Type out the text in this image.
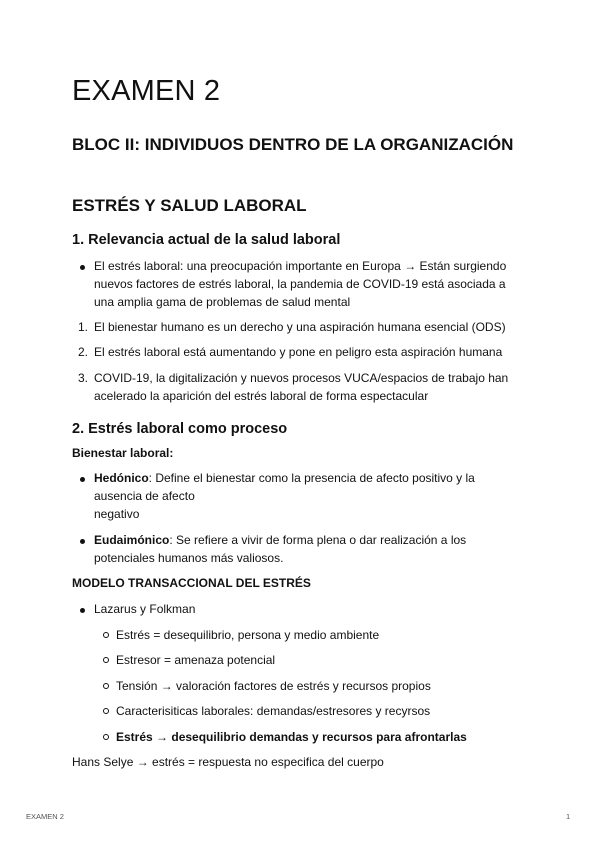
EXAMEN 2
BLOC II: INDIVIDUOS DENTRO DE LA ORGANIZACIÓN
ESTRÉS Y SALUD LABORAL
1. Relevancia actual de la salud laboral
El estrés laboral: una preocupación importante en Europa → Están surgiendo
nuevos factores de estrés laboral, la pandemia de COVID-19 está asociada a
una amplia gama de problemas de salud mental
1. El bienestar humano es un derecho y una aspiración humana esencial (ODS)
2. El estrés laboral está aumentando y pone en peligro esta aspiración humana
3. COVID-19, la digitalización y nuevos procesos VUCA/espacios de trabajo han
acelerado la aparición del estrés laboral de forma espectacular
2. Estrés laboral como proceso
Bienestar laboral:
Hedónico: Define el bienestar como la presencia de afecto positivo y la
ausencia de afecto
negativo
Eudaimónico: Se refiere a vivir de forma plena o dar realización a los
potenciales humanos más valiosos.
MODELO TRANSACCIONAL DEL ESTRÉS
Lazarus y Folkman
Estrés = desequilibrio, persona y medio ambiente
Estresor = amenaza potencial
Tensión → valoración factores de estrés y recursos propios
Caracterisiticas laborales: demandas/estresores y recyrsos
Estrés → desequilibrio demandas y recursos para afrontarlas
Hans Selye → estrés = respuesta no especifica del cuerpo
EXAMEN 2	1
